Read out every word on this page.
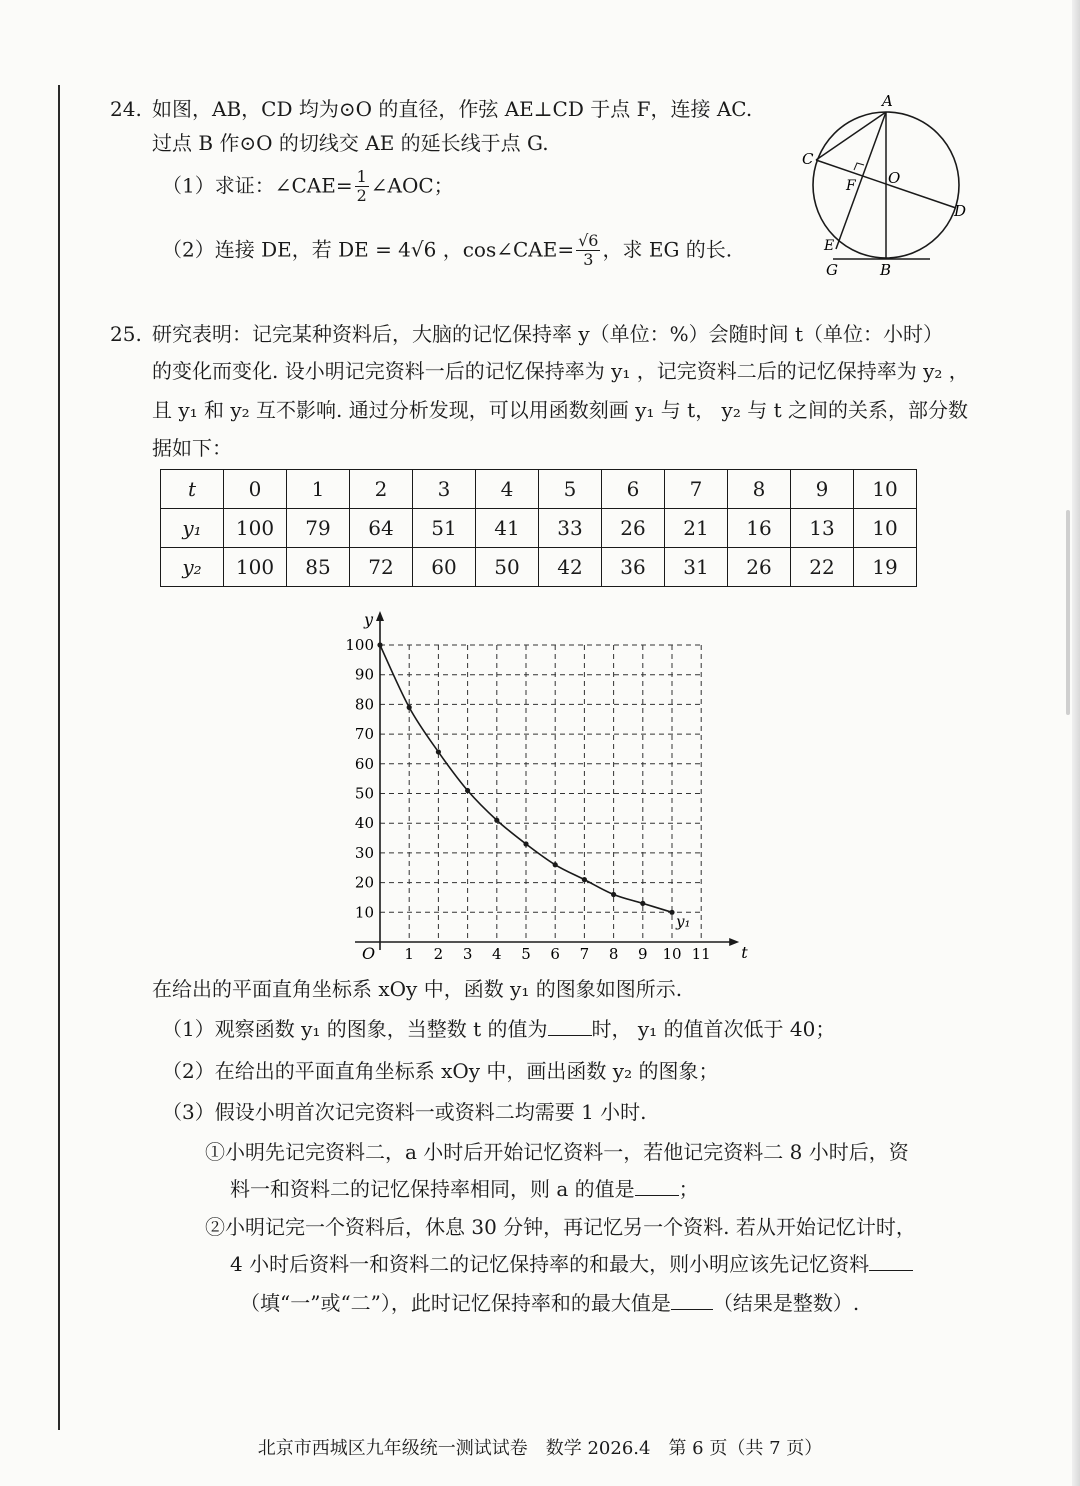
24. 如图，AB，CD 均为⊙O 的直径，作弦 AE⊥CD 于点 F，连接 AC.
过点 B 作⊙O 的切线交 AE 的延长线于点 G.
（1）求证：∠CAE= $\frac{1}{2}$ ∠AOC；
（2）连接 DE，若 DE = 4√6 ，cos∠CAE= $\frac{√6}{3}$ ，求 EG 的长.
A
C
F O
D
E
G	B
25. 研究表明：记完某种资料后，大脑的记忆保持率 y（单位：%）会随时间 t（单位：小时）
的变化而变化. 设小明记完资料一后的记忆保持率为 y₁ ，记完资料二后的记忆保持率为 y₂ ，
且 y₁ 和 y₂ 互不影响. 通过分析发现，可以用函数刻画 y₁ 与 t， y₂ 与 t 之间的关系，部分数
据如下：
t	0	1	2	3	4	5	6	7	8	9	10
y₁	100	79	64	51	41	33	26	21	16	13	10
y₂	100	85	72	60	50	42	36	31	26	22	19
t
y
O 1 2 3 4 5 6 7 8 9 10 11
10
20
30
40
50
60
70
80
90
100
y₁
在给出的平面直角坐标系 xOy 中，函数 y₁ 的图象如图所示.
（1）观察函数 y₁ 的图象，当整数 t 的值为 时， y₁ 的值首次低于 40；
（2）在给出的平面直角坐标系 xOy 中，画出函数 y₂ 的图象；
（3）假设小明首次记完资料一或资料二均需要 1 小时.
①小明先记完资料二，a 小时后开始记忆资料一，若他记完资料二 8 小时后，资
料一和资料二的记忆保持率相同，则 a 的值是 ；
②小明记完一个资料后，休息 30 分钟，再记忆另一个资料. 若从开始记忆计时，
4 小时后资料一和资料二的记忆保持率的和最大，则小明应该先记忆资料
（填“一”或“二”），此时记忆保持率和的最大值是 （结果是整数）.
北京市西城区九年级统一测试试卷　数学 2026.4　第 6 页（共 7 页）
